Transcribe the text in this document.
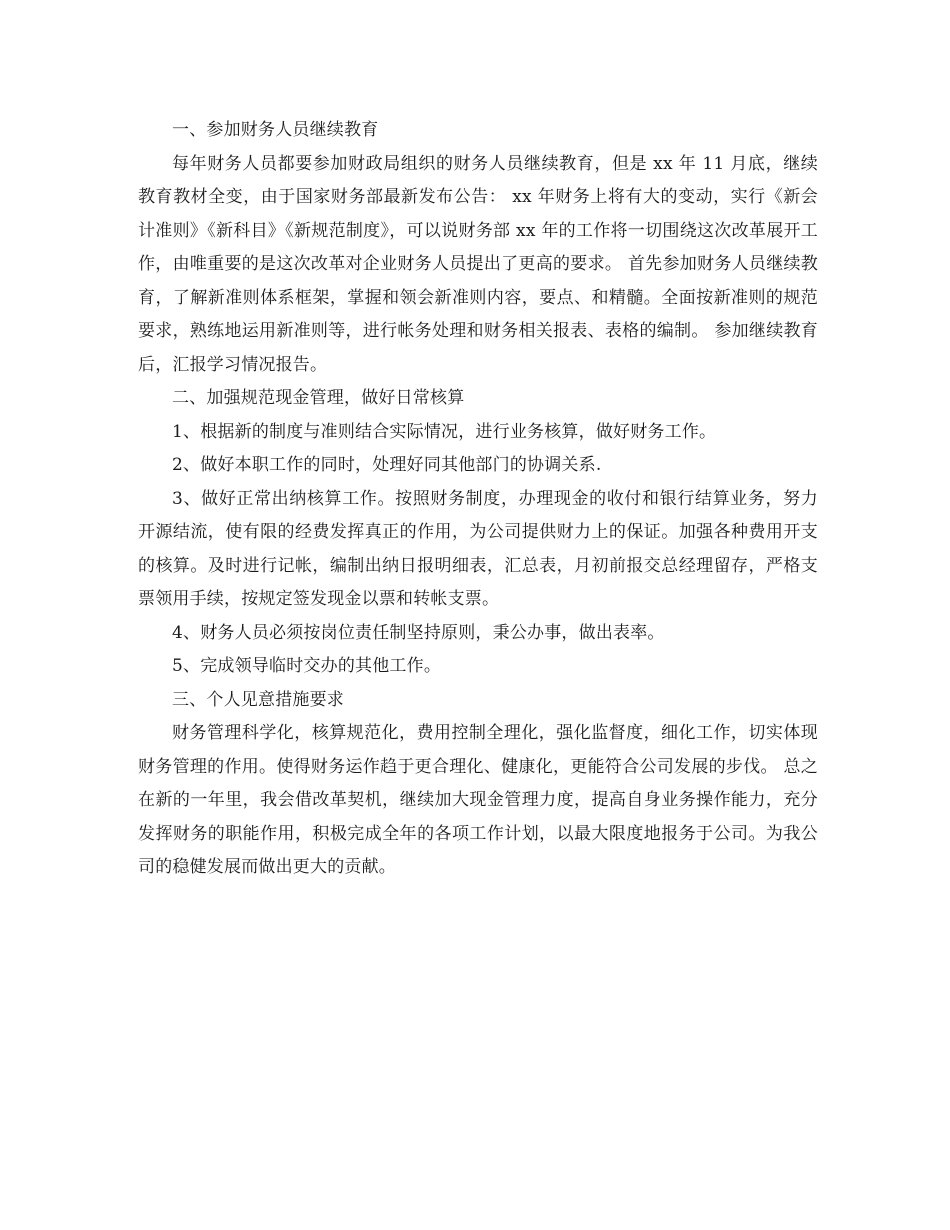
一、参加财务人员继续教育

每年财务人员都要参加财政局组织的财务人员继续教育，但是 xx 年 11 月底，继续教育教材全变，由于国家财务部最新发布公告： xx 年财务上将有大的变动，实行《新会计准则》《新科目》《新规范制度》，可以说财务部 xx 年的工作将一切围绕这次改革展开工作，由唯重要的是这次改革对企业财务人员提出了更高的要求。 首先参加财务人员继续教育，了解新准则体系框架，掌握和领会新准则内容，要点、和精髓。全面按新准则的规范要求，熟练地运用新准则等，进行帐务处理和财务相关报表、表格的编制。 参加继续教育后，汇报学习情况报告。

二、加强规范现金管理，做好日常核算

1、根据新的制度与准则结合实际情况，进行业务核算，做好财务工作。

2、做好本职工作的同时，处理好同其他部门的协调关系.

3、做好正常出纳核算工作。按照财务制度，办理现金的收付和银行结算业务，努力开源结流，使有限的经费发挥真正的作用，为公司提供财力上的保证。加强各种费用开支的核算。及时进行记帐，编制出纳日报明细表，汇总表，月初前报交总经理留存，严格支票领用手续，按规定签发现金以票和转帐支票。

4、财务人员必须按岗位责任制坚持原则，秉公办事，做出表率。

5、完成领导临时交办的其他工作。

三、个人见意措施要求

财务管理科学化，核算规范化，费用控制全理化，强化监督度，细化工作，切实体现财务管理的作用。使得财务运作趋于更合理化、健康化，更能符合公司发展的步伐。 总之在新的一年里，我会借改革契机，继续加大现金管理力度，提高自身业务操作能力，充分发挥财务的职能作用，积极完成全年的各项工作计划，以最大限度地报务于公司。为我公司的稳健发展而做出更大的贡献。
